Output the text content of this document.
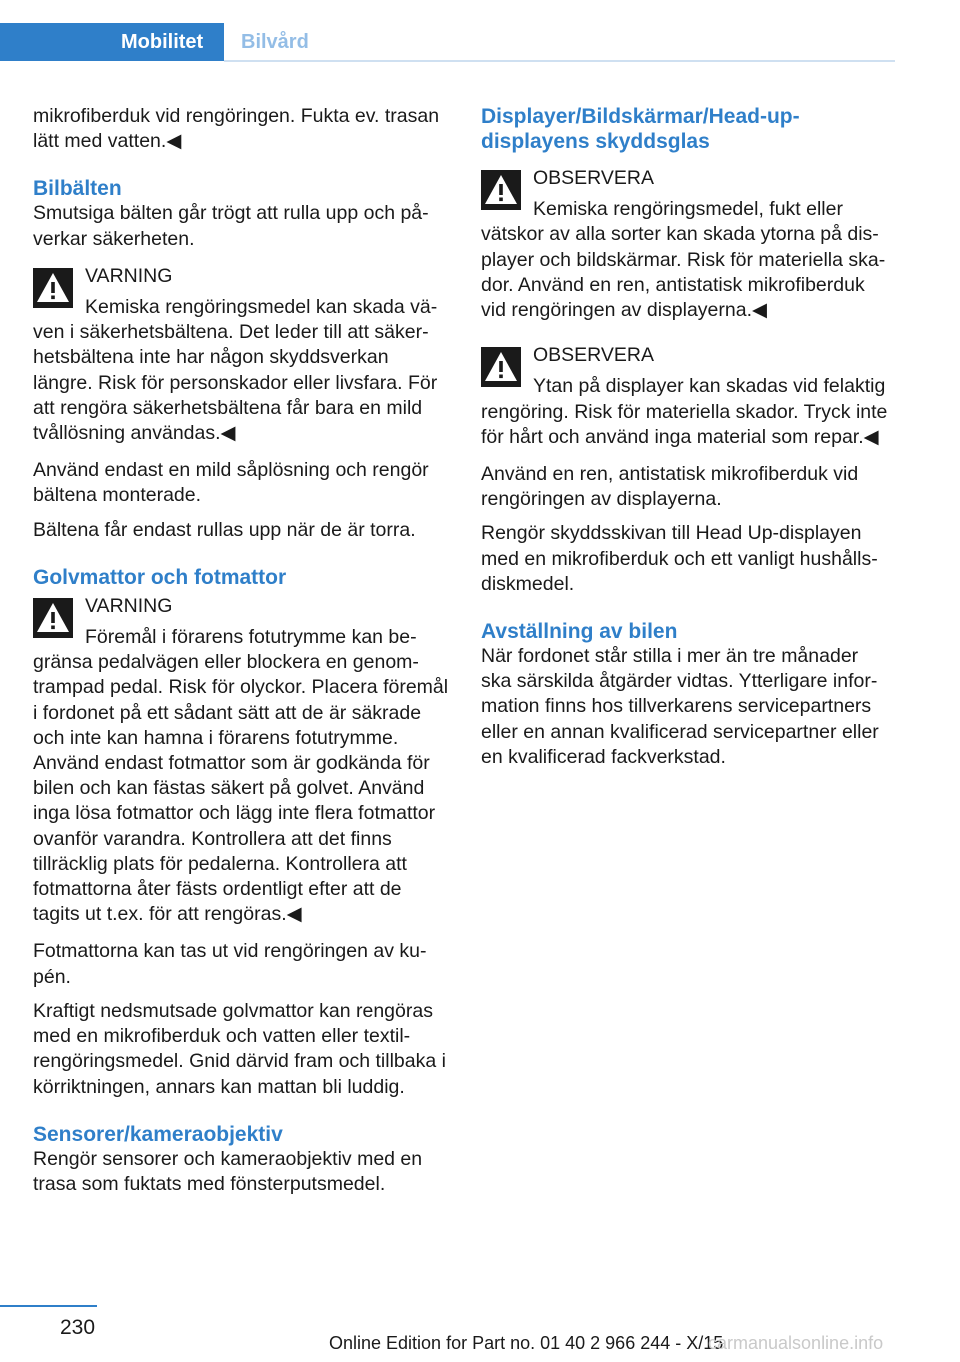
Mobilitet	Bilvård

mikrofiberduk vid rengöringen. Fukta ev. trasan lätt med vatten.◀

Bilbälten

Smutsiga bälten går trögt att rulla upp och påverkar säkerheten.

VARNING

Kemiska rengöringsmedel kan skada väven i säkerhetsbältena. Det leder till att säkerhetsbältena inte har någon skyddsverkan längre. Risk för personskador eller livsfara. För att rengöra säkerhetsbältena får bara en mild tvållösning användas.◀

Använd endast en mild såplösning och rengör bältena monterade.

Bältena får endast rullas upp när de är torra.

Golvmattor och fotmattor
VARNING

Föremål i förarens fotutrymme kan begränsa pedalvägen eller blockera en genomtrampad pedal. Risk för olyckor. Placera föremål i fordonet på ett sådant sätt att de är säkrade och inte kan hamna i förarens fotutrymme. Använd endast fotmattor som är godkända för bilen och kan fästas säkert på golvet. Använd inga lösa fotmattor och lägg inte flera fotmattor ovanför varandra. Kontrollera att det finns tillräcklig plats för pedalerna. Kontrollera att fotmattorna åter fästs ordentligt efter att de tagits ut t.ex. för att rengöras.◀

Fotmattorna kan tas ut vid rengöringen av kupén.

Kraftigt nedsmutsade golvmattor kan rengöras med en mikrofiberduk och vatten eller textilrengöringsmedel. Gnid därvid fram och tillbaka i körriktningen, annars kan mattan bli luddig.

Sensorer/kameraobjektiv

Rengör sensorer och kameraobjektiv med en trasa som fuktats med fönsterputsmedel.

Displayer/Bildskärmar/Head-up-displayens skyddsglas
OBSERVERA

Kemiska rengöringsmedel, fukt eller vätskor av alla sorter kan skada ytorna på displayer och bildskärmar. Risk för materiella skador. Använd en ren, antistatisk mikrofiberduk vid rengöringen av displayerna.◀

OBSERVERA

Ytan på displayer kan skadas vid felaktig rengöring. Risk för materiella skador. Tryck inte för hårt och använd inga material som repar.◀

Använd en ren, antistatisk mikrofiberduk vid rengöringen av displayerna.

Rengör skyddsskivan till Head Up-displayen med en mikrofiberduk och ett vanligt hushållsdiskmedel.

Avställning av bilen

När fordonet står stilla i mer än tre månader ska särskilda åtgärder vidtas. Ytterligare information finns hos tillverkarens servicepartners eller en annan kvalificerad servicepartner eller en kvalificerad fackverkstad.

230
Online Edition for Part no. 01 40 2 966 244 - X/15
carmanualsonline.info
